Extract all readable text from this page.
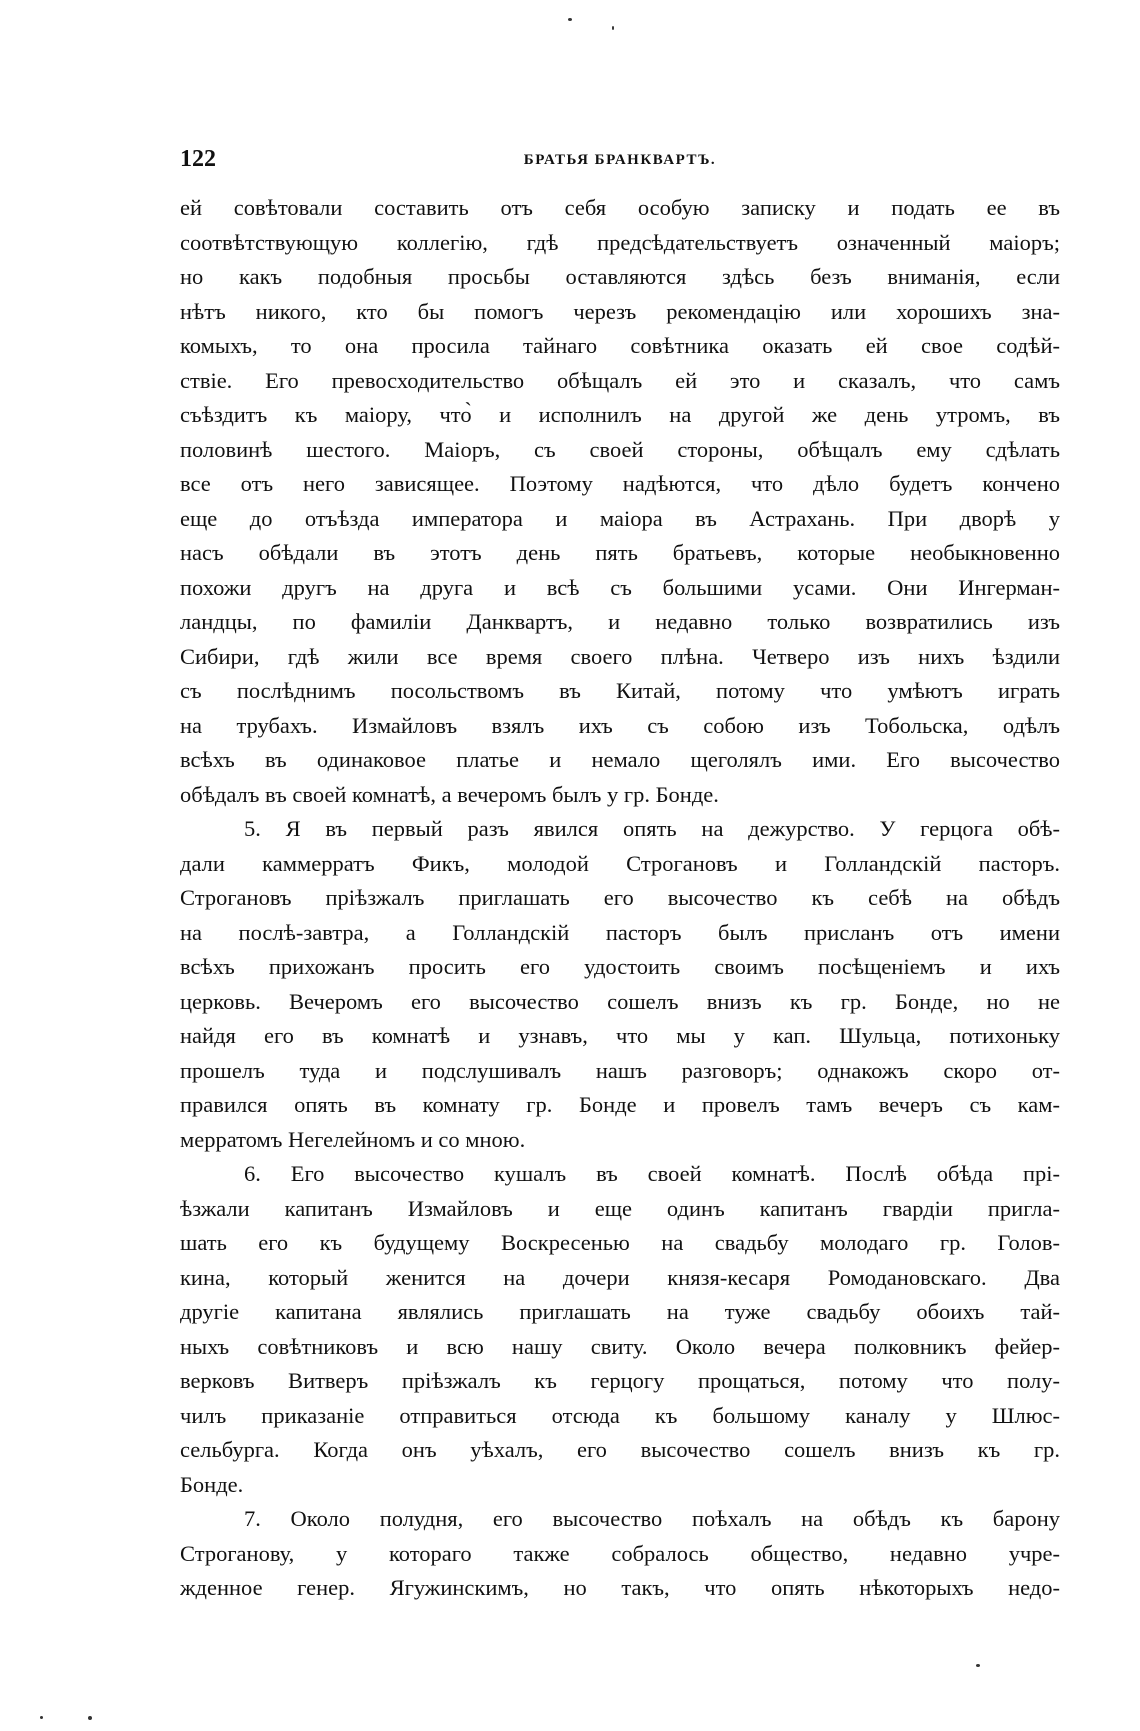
122	БРАТЬЯ БРАНКВАРТЪ.
ей совѣтовали составить отъ себя особую записку и подать ее въ
соотвѣтствующую коллегію, гдѣ предсѣдательствуетъ означенный маіоръ;
но какъ подобныя просьбы оставляются здѣсь безъ вниманія, если
нѣтъ никого, кто бы помогъ черезъ рекомендацію или хорошихъ зна-
комыхъ, то она просила тайнаго совѣтника оказать ей свое содѣй-
ствіе. Его превосходительство обѣщалъ ей это и сказалъ, что самъ
съѣздитъ къ маіору, что̀ и исполнилъ на другой же день утромъ, въ
половинѣ шестого. Маіоръ, съ своей стороны, обѣщалъ ему сдѣлать
все отъ него зависящее. Поэтому надѣются, что дѣло будетъ кончено
еще до отъѣзда императора и маіора въ Астрахань. При дворѣ у
насъ обѣдали въ этотъ день пять братьевъ, которые необыкновенно
похожи другъ на друга и всѣ съ большими усами. Они Ингерман-
ландцы, по фамиліи Данквартъ, и недавно только возвратились изъ
Сибири, гдѣ жили все время своего плѣна. Четверо изъ нихъ ѣздили
съ послѣднимъ посольствомъ въ Китай, потому что умѣютъ играть
на трубахъ. Измайловъ взялъ ихъ съ собою изъ Тобольска, одѣлъ
всѣхъ въ одинаковое платье и немало щеголялъ ими. Его высочество
обѣдалъ въ своей комнатѣ, а вечеромъ былъ у гр. Бонде.
5. Я въ первый разъ явился опять на дежурство. У герцога обѣ-
дали каммерратъ Фикъ, молодой Строгановъ и Голландскій пасторъ.
Строгановъ пріѣзжалъ приглашать его высочество къ себѣ на обѣдъ
на послѣ-завтра, а Голландскій пасторъ былъ присланъ отъ имени
всѣхъ прихожанъ просить его удостоить своимъ посѣщеніемъ и ихъ
церковь. Вечеромъ его высочество сошелъ внизъ къ гр. Бонде, но не
найдя его въ комнатѣ и узнавъ, что мы у кап. Шульца, потихоньку
прошелъ туда и подслушивалъ нашъ разговоръ; однакожъ скоро от-
правился опять въ комнату гр. Бонде и провелъ тамъ вечеръ съ кам-
мерратомъ Негелейномъ и со мною.
6. Его высочество кушалъ въ своей комнатѣ. Послѣ обѣда прі-
ѣзжали капитанъ Измайловъ и еще одинъ капитанъ гвардіи пригла-
шать его къ будущему Воскресенью на свадьбу молодаго гр. Голов-
кина, который женится на дочери князя-кесаря Ромодановскаго. Два
другіе капитана являлись приглашать на туже свадьбу обоихъ тай-
ныхъ совѣтниковъ и всю нашу свиту. Около вечера полковникъ фейер-
верковъ Витверъ пріѣзжалъ къ герцогу прощаться, потому что полу-
чилъ приказаніе отправиться отсюда къ большому каналу у Шлюс-
сельбурга. Когда онъ уѣхалъ, его высочество сошелъ внизъ къ гр.
Бонде.
7. Около полудня, его высочество поѣхалъ на обѣдъ къ барону
Строганову, у котораго также собралось общество, недавно учре-
жденное генер. Ягужинскимъ, но такъ, что опять нѣкоторыхъ недо-
